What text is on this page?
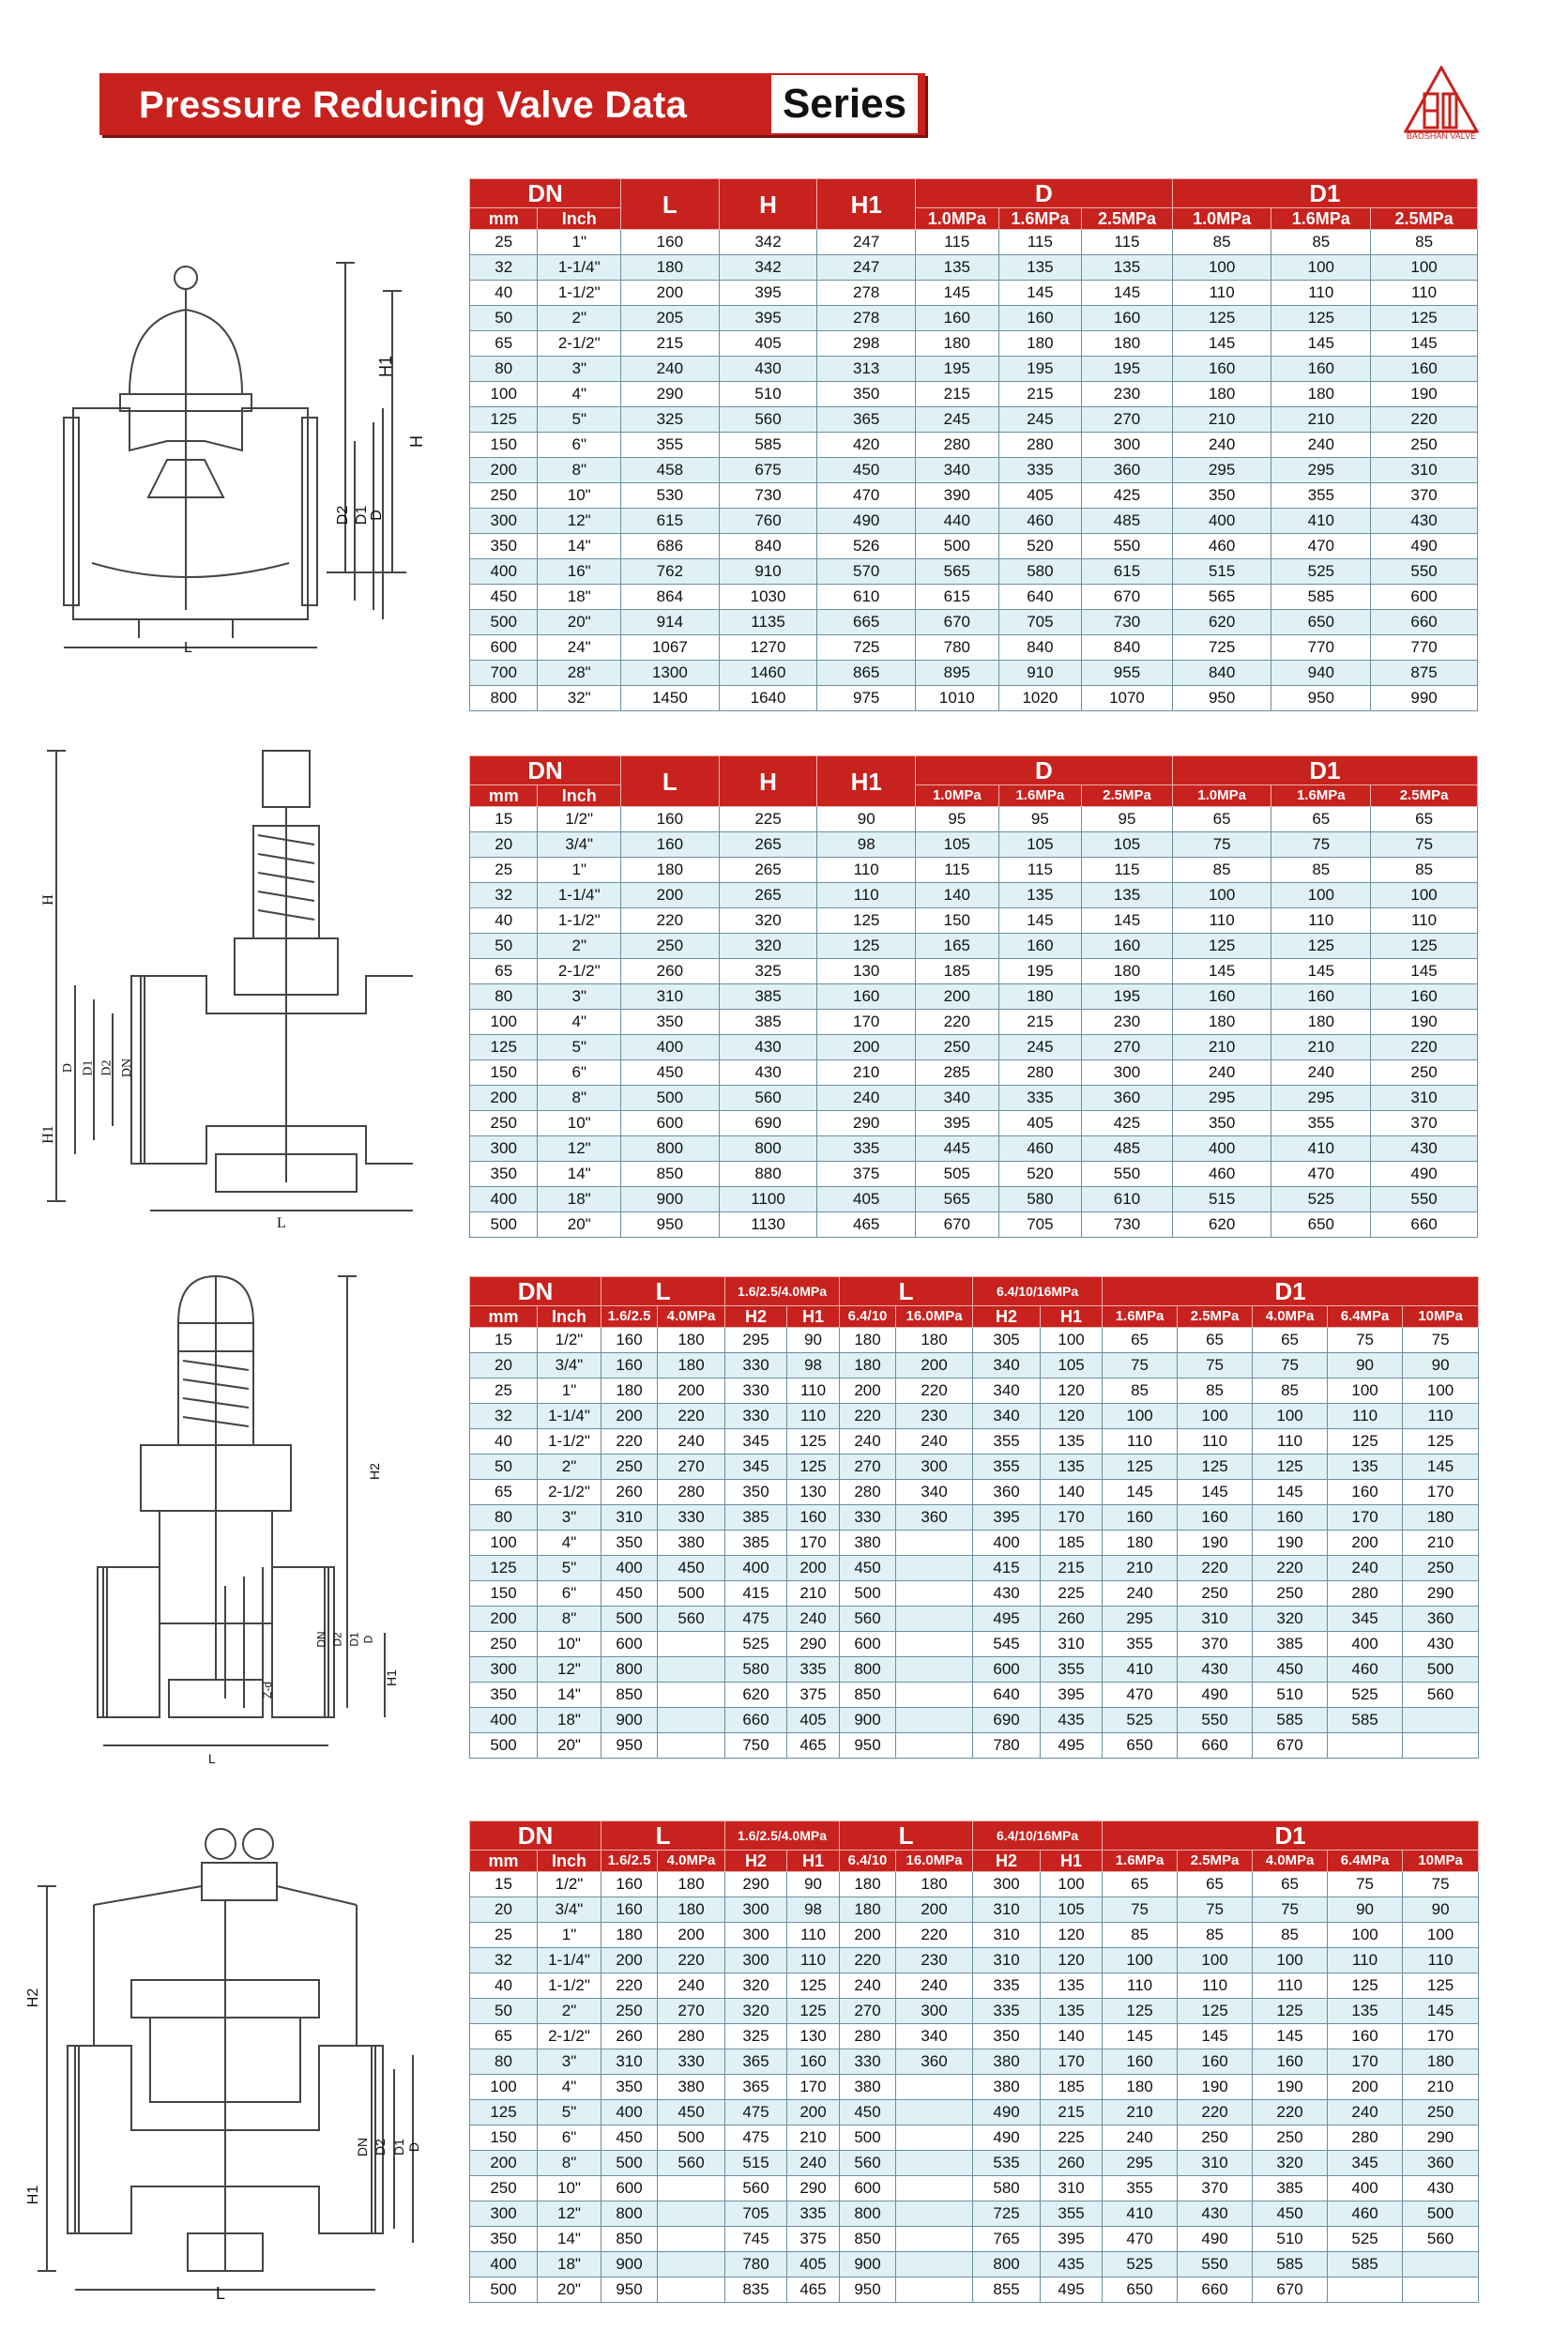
Pressure Reducing Valve Data	Series
BAOSHAN VALVE
H1
H
D2 D1
D
L
DN		L	H	H1	D			D1		
mm	Inch				1.0MPa	1.6MPa	2.5MPa	1.0MPa	1.6MPa	2.5MPa
25	1"	160	342	247	115	115	115	85	85	85
32	1-1/4"	180	342	247	135	135	135	100	100	100
40	1-1/2"	200	395	278	145	145	145	110	110	110
50	2"	205	395	278	160	160	160	125	125	125
65	2-1/2"	215	405	298	180	180	180	145	145	145
80	3"	240	430	313	195	195	195	160	160	160
100	4"	290	510	350	215	215	230	180	180	190
125	5"	325	560	365	245	245	270	210	210	220
150	6"	355	585	420	280	280	300	240	240	250
200	8"	458	675	450	340	335	360	295	295	310
250	10"	530	730	470	390	405	425	350	355	370
300	12"	615	760	490	440	460	485	400	410	430
350	14"	686	840	526	500	520	550	460	470	490
400	16"	762	910	570	565	580	615	515	525	550
450	18"	864	1030	610	615	640	670	565	585	600
500	20"	914	1135	665	670	705	730	620	650	660
600	24"	1067	1270	725	780	840	840	725	770	770
700	28"	1300	1460	865	895	910	955	840	940	875
800	32"	1450	1640	975	1010	1020	1070	950	950	990
H
H1
D D1 D2 DN
L
DN		L	H	H1	D			D1		
mm	Inch				1.0MPa	1.6MPa	2.5MPa	1.0MPa	1.6MPa	2.5MPa
15	1/2"	160	225	90	95	95	95	65	65	65
20	3/4"	160	265	98	105	105	105	75	75	75
25	1"	180	265	110	115	115	115	85	85	85
32	1-1/4"	200	265	110	140	135	135	100	100	100
40	1-1/2"	220	320	125	150	145	145	110	110	110
50	2"	250	320	125	165	160	160	125	125	125
65	2-1/2"	260	325	130	185	195	180	145	145	145
80	3"	310	385	160	200	180	195	160	160	160
100	4"	350	385	170	220	215	230	180	180	190
125	5"	400	430	200	250	245	270	210	210	220
150	6"	450	430	210	285	280	300	240	240	250
200	8"	500	560	240	340	335	360	295	295	310
250	10"	600	690	290	395	405	425	350	355	370
300	12"	800	800	335	445	460	485	400	410	430
350	14"	850	880	375	505	520	550	460	470	490
400	18"	900	1100	405	565	580	610	515	525	550
500	20"	950	1130	465	670	705	730	620	650	660
H2
H1
DN D2 D1 D
Z-d
L
DN		L		1.6/2.5/4.0MPa		L		6.4/10/16MPa		D1				
mm	Inch	1.6/2.5	4.0MPa	H2	H1	6.4/10	16.0MPa	H2	H1	1.6MPa	2.5MPa	4.0MPa	6.4MPa	10MPa
15	1/2"	160	180	295	90	180	180	305	100	65	65	65	75	75
20	3/4"	160	180	330	98	180	200	340	105	75	75	75	90	90
25	1"	180	200	330	110	200	220	340	120	85	85	85	100	100
32	1-1/4"	200	220	330	110	220	230	340	120	100	100	100	110	110
40	1-1/2"	220	240	345	125	240	240	355	135	110	110	110	125	125
50	2"	250	270	345	125	270	300	355	135	125	125	125	135	145
65	2-1/2"	260	280	350	130	280	340	360	140	145	145	145	160	170
80	3"	310	330	385	160	330	360	395	170	160	160	160	170	180
100	4"	350	380	385	170	380		400	185	180	190	190	200	210
125	5"	400	450	400	200	450		415	215	210	220	220	240	250
150	6"	450	500	415	210	500		430	225	240	250	250	280	290
200	8"	500	560	475	240	560		495	260	295	310	320	345	360
250	10"	600		525	290	600		545	310	355	370	385	400	430
300	12"	800		580	335	800		600	355	410	430	450	460	500
350	14"	850		620	375	850		640	395	470	490	510	525	560
400	18"	900		660	405	900		690	435	525	550	585	585	
500	20"	950		750	465	950		780	495	650	660	670		
H2
H1
DN D2 D1 D
L
DN		L		1.6/2.5/4.0MPa		L		6.4/10/16MPa		D1				
mm	Inch	1.6/2.5	4.0MPa	H2	H1	6.4/10	16.0MPa	H2	H1	1.6MPa	2.5MPa	4.0MPa	6.4MPa	10MPa
15	1/2"	160	180	290	90	180	180	300	100	65	65	65	75	75
20	3/4"	160	180	300	98	180	200	310	105	75	75	75	90	90
25	1"	180	200	300	110	200	220	310	120	85	85	85	100	100
32	1-1/4"	200	220	300	110	220	230	310	120	100	100	100	110	110
40	1-1/2"	220	240	320	125	240	240	335	135	110	110	110	125	125
50	2"	250	270	320	125	270	300	335	135	125	125	125	135	145
65	2-1/2"	260	280	325	130	280	340	350	140	145	145	145	160	170
80	3"	310	330	365	160	330	360	380	170	160	160	160	170	180
100	4"	350	380	365	170	380		380	185	180	190	190	200	210
125	5"	400	450	475	200	450		490	215	210	220	220	240	250
150	6"	450	500	475	210	500		490	225	240	250	250	280	290
200	8"	500	560	515	240	560		535	260	295	310	320	345	360
250	10"	600		560	290	600		580	310	355	370	385	400	430
300	12"	800		705	335	800		725	355	410	430	450	460	500
350	14"	850		745	375	850		765	395	470	490	510	525	560
400	18"	900		780	405	900		800	435	525	550	585	585	
500	20"	950		835	465	950		855	495	650	660	670		
